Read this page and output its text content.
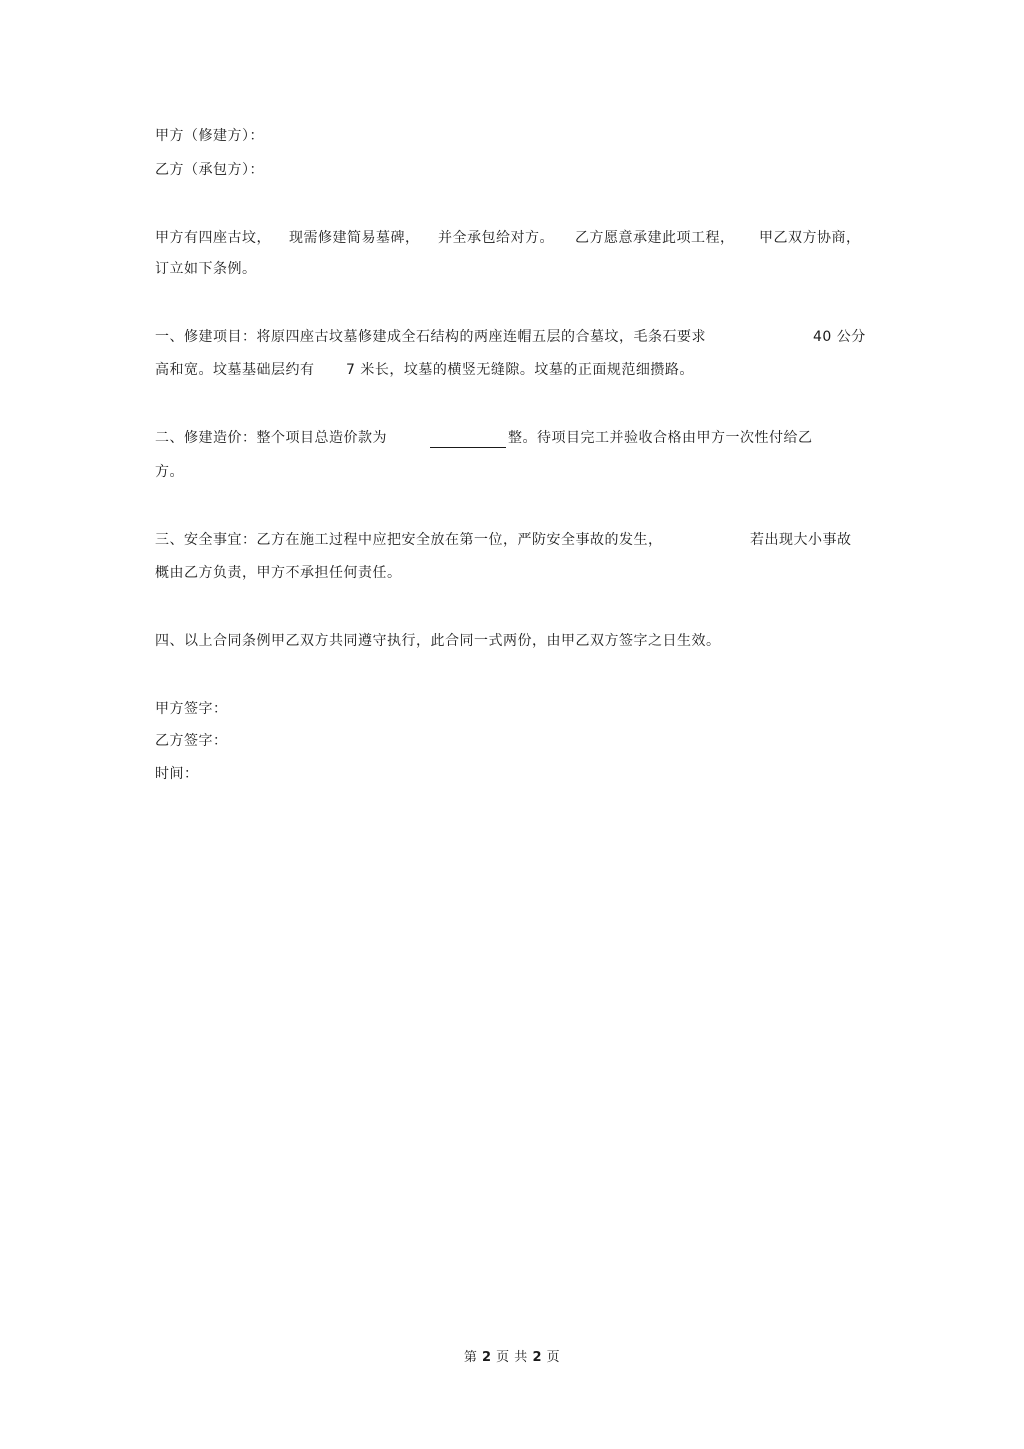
甲方（修建方）：
乙方（承包方）：
甲方有四座古坟， 现需修建简易墓碑， 并全承包给对方。 乙方愿意承建此项工程， 甲乙双方协商，
订立如下条例。
一、修建项目：将原四座古坟墓修建成全石结构的两座连帽五层的合墓坟，毛条石要求	40 公分
高和宽。坟墓基础层约有 7 米长，坟墓的横竖无缝隙。坟墓的正面规范细攒路。
二、修建造价：整个项目总造价款为	整。待项目完工并验收合格由甲方一次性付给乙
方。
三、安全事宜：乙方在施工过程中应把安全放在第一位，严防安全事故的发生，	若出现大小事故
概由乙方负责，甲方不承担任何责任。
四、以上合同条例甲乙双方共同遵守执行，此合同一式两份，由甲乙双方签字之日生效。
甲方签字：
乙方签字：
时间：
第 2 页 共 2 页
